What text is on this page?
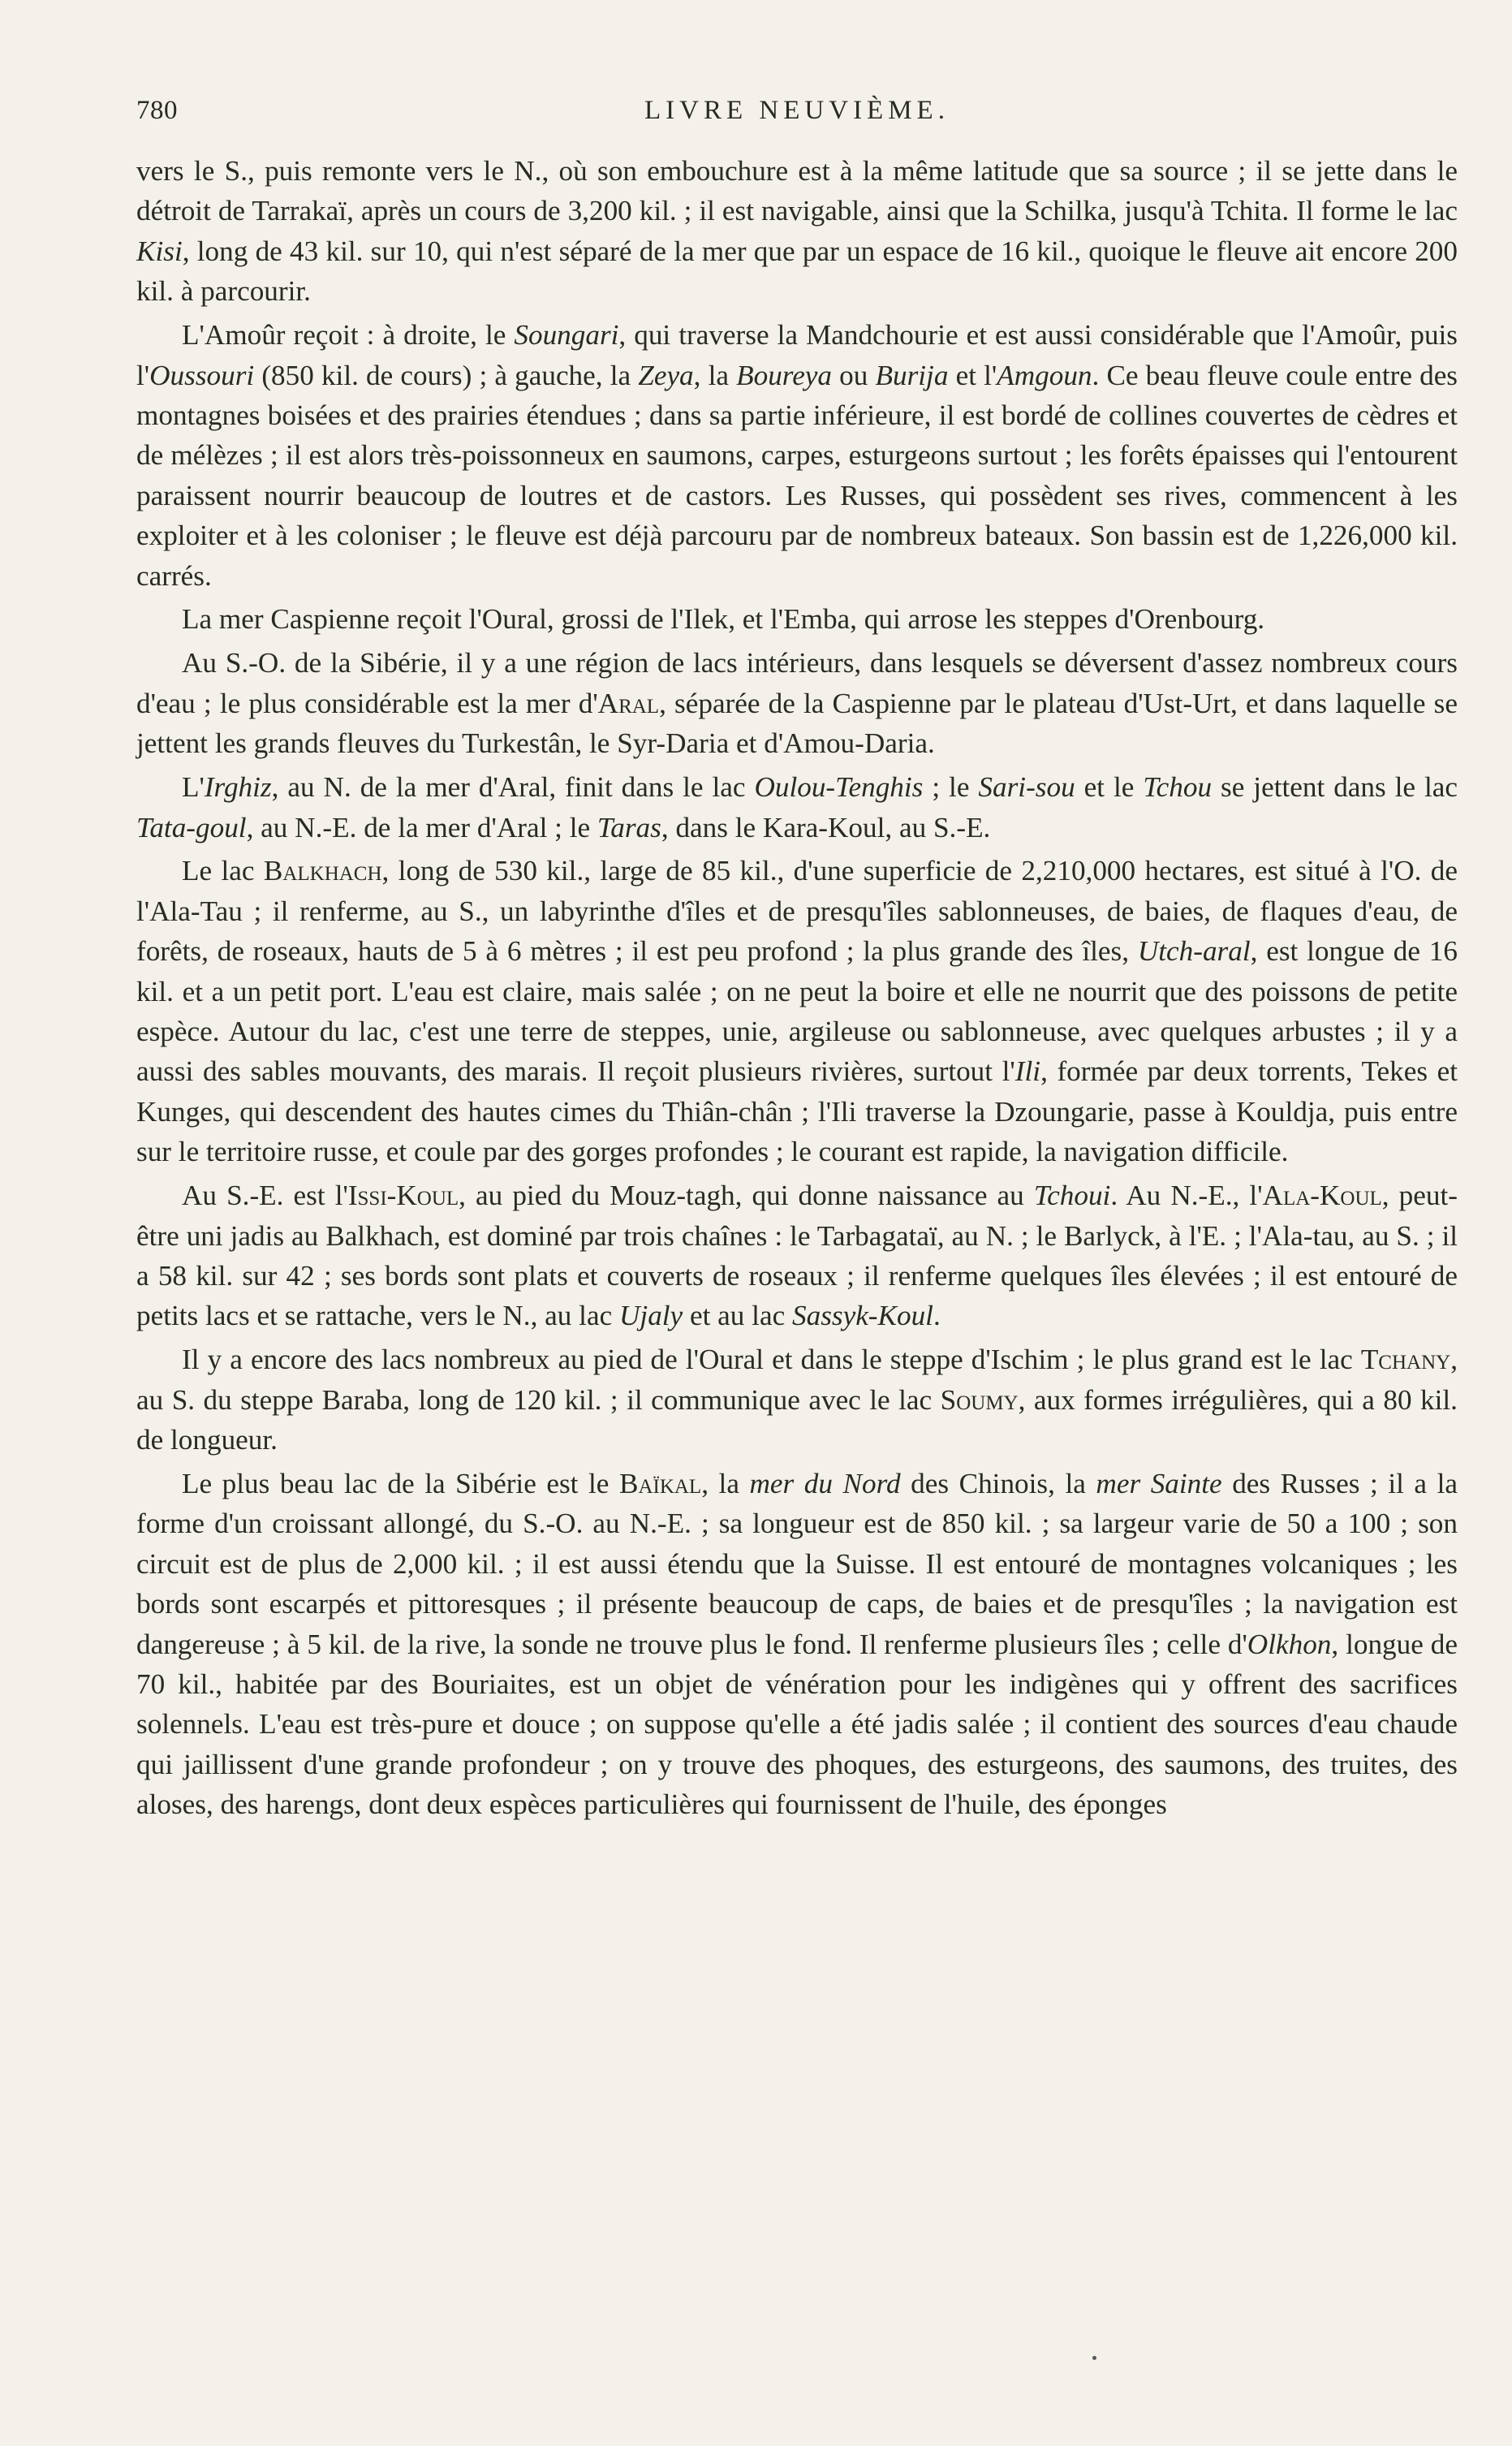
780	LIVRE NEUVIÈME.

vers le S., puis remonte vers le N., où son embouchure est à la même latitude que sa source ; il se jette dans le détroit de Tarrakaï, après un cours de 3,200 kil. ; il est navigable, ainsi que la Schilka, jusqu'à Tchita. Il forme le lac Kisi, long de 43 kil. sur 10, qui n'est séparé de la mer que par un espace de 16 kil., quoique le fleuve ait encore 200 kil. à parcourir.

L'Amoûr reçoit : à droite, le Soungari, qui traverse la Mandchourie et est aussi considérable que l'Amoûr, puis l'Oussouri (850 kil. de cours) ; à gauche, la Zeya, la Boureya ou Burija et l'Amgoun. Ce beau fleuve coule entre des montagnes boisées et des prairies étendues ; dans sa partie inférieure, il est bordé de collines couvertes de cèdres et de mélèzes ; il est alors très-poissonneux en saumons, carpes, esturgeons surtout ; les forêts épaisses qui l'entourent paraissent nourrir beaucoup de loutres et de castors. Les Russes, qui possèdent ses rives, commencent à les exploiter et à les coloniser ; le fleuve est déjà parcouru par de nombreux bateaux. Son bassin est de 1,226,000 kil. carrés.

La mer Caspienne reçoit l'Oural, grossi de l'Ilek, et l'Emba, qui arrose les steppes d'Orenbourg.

Au S.-O. de la Sibérie, il y a une région de lacs intérieurs, dans lesquels se déversent d'assez nombreux cours d'eau ; le plus considérable est la mer d'Aral, séparée de la Caspienne par le plateau d'Ust-Urt, et dans laquelle se jettent les grands fleuves du Turkestân, le Syr-Daria et d'Amou-Daria.

L'Irghiz, au N. de la mer d'Aral, finit dans le lac Oulou-Tenghis ; le Sari-sou et le Tchou se jettent dans le lac Tata-goul, au N.-E. de la mer d'Aral ; le Taras, dans le Kara-Koul, au S.-E.

Le lac Balkhach, long de 530 kil., large de 85 kil., d'une superficie de 2,210,000 hectares, est situé à l'O. de l'Ala-Tau ; il renferme, au S., un labyrinthe d'îles et de presqu'îles sablonneuses, de baies, de flaques d'eau, de forêts, de roseaux, hauts de 5 à 6 mètres ; il est peu profond ; la plus grande des îles, Utch-aral, est longue de 16 kil. et a un petit port. L'eau est claire, mais salée ; on ne peut la boire et elle ne nourrit que des poissons de petite espèce. Autour du lac, c'est une terre de steppes, unie, argileuse ou sablonneuse, avec quelques arbustes ; il y a aussi des sables mouvants, des marais. Il reçoit plusieurs rivières, surtout l'Ili, formée par deux torrents, Tekes et Kunges, qui descendent des hautes cimes du Thiân-chân ; l'Ili traverse la Dzoungarie, passe à Kouldja, puis entre sur le territoire russe, et coule par des gorges profondes ; le courant est rapide, la navigation difficile.

Au S.-E. est l'Issi-Koul, au pied du Mouz-tagh, qui donne naissance au Tchoui. Au N.-E., l'Ala-Koul, peut-être uni jadis au Balkhach, est dominé par trois chaînes : le Tarbagataï, au N. ; le Barlyck, à l'E. ; l'Ala-tau, au S. ; il a 58 kil. sur 42 ; ses bords sont plats et couverts de roseaux ; il renferme quelques îles élevées ; il est entouré de petits lacs et se rattache, vers le N., au lac Ujaly et au lac Sassyk-Koul.

Il y a encore des lacs nombreux au pied de l'Oural et dans le steppe d'Ischim ; le plus grand est le lac Tchany, au S. du steppe Baraba, long de 120 kil. ; il communique avec le lac Soumy, aux formes irrégulières, qui a 80 kil. de longueur.

Le plus beau lac de la Sibérie est le Baïkal, la mer du Nord des Chinois, la mer Sainte des Russes ; il a la forme d'un croissant allongé, du S.-O. au N.-E. ; sa longueur est de 850 kil. ; sa largeur varie de 50 a 100 ; son circuit est de plus de 2,000 kil. ; il est aussi étendu que la Suisse. Il est entouré de montagnes volcaniques ; les bords sont escarpés et pittoresques ; il présente beaucoup de caps, de baies et de presqu'îles ; la navigation est dangereuse ; à 5 kil. de la rive, la sonde ne trouve plus le fond. Il renferme plusieurs îles ; celle d'Olkhon, longue de 70 kil., habitée par des Bouriaites, est un objet de vénération pour les indigènes qui y offrent des sacrifices solennels. L'eau est très-pure et douce ; on suppose qu'elle a été jadis salée ; il contient des sources d'eau chaude qui jaillissent d'une grande profondeur ; on y trouve des phoques, des esturgeons, des saumons, des truites, des aloses, des harengs, dont deux espèces particulières qui fournissent de l'huile, des éponges
